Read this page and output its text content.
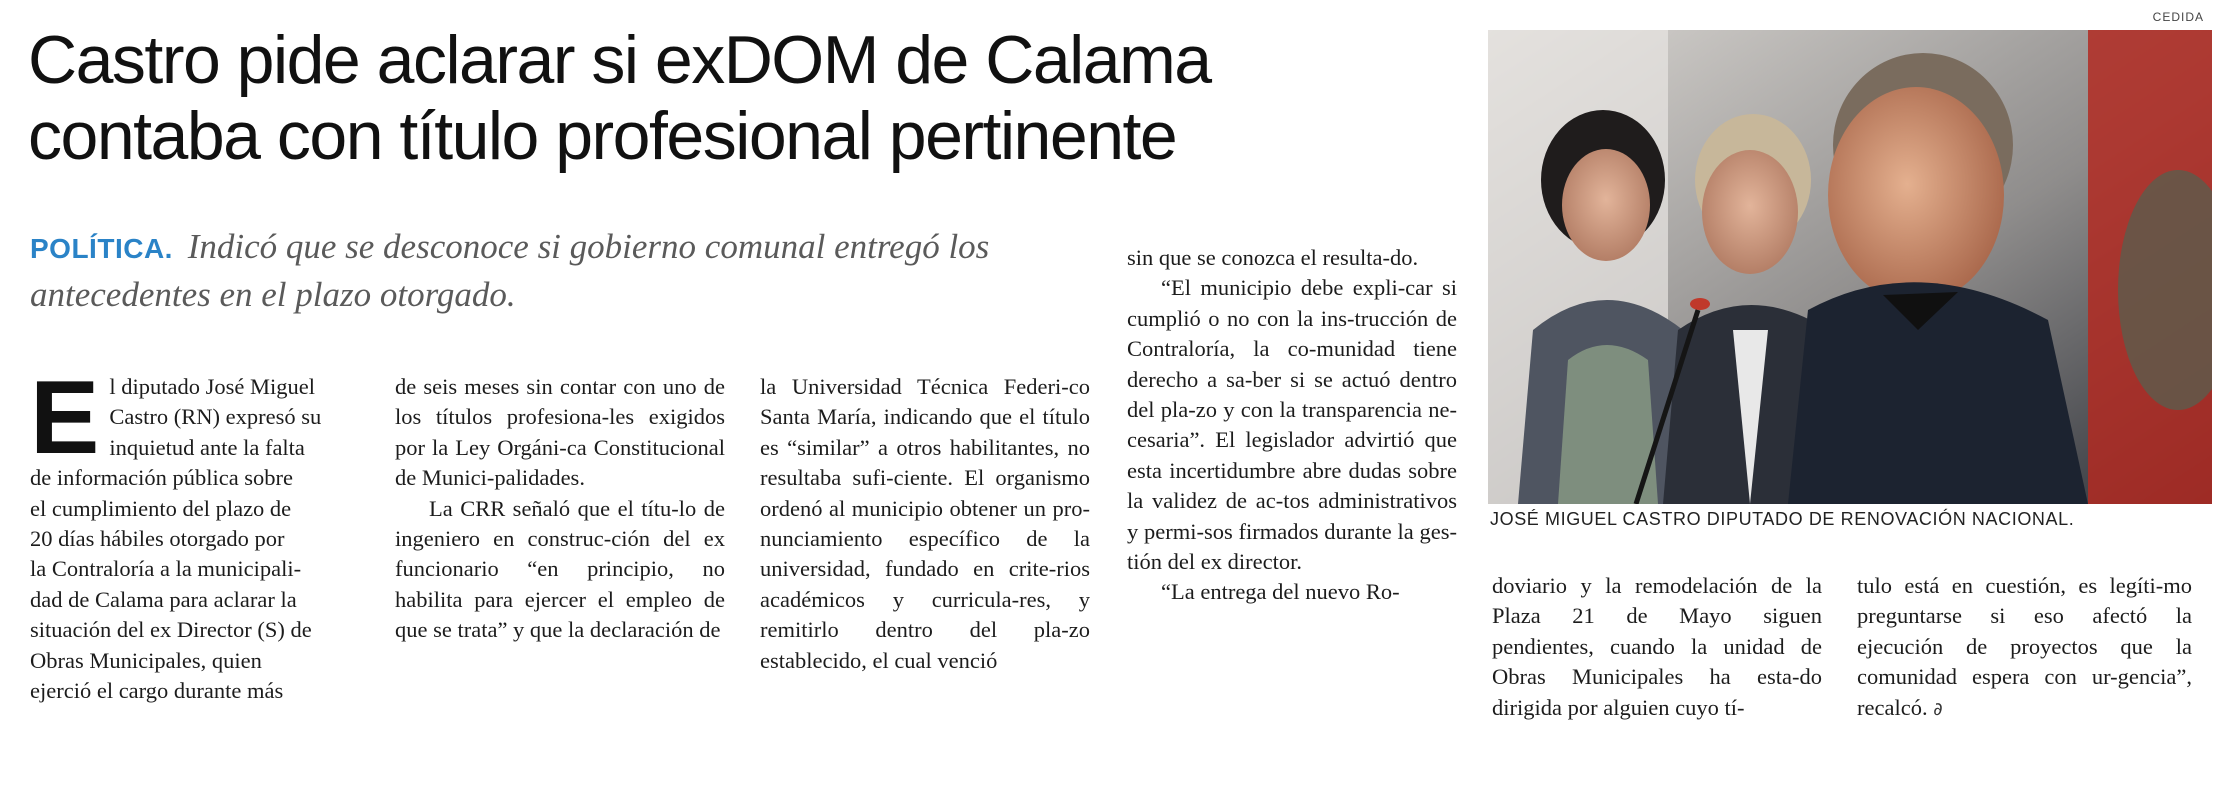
Castro pide aclarar si exDOM de Calama
contaba con título profesional pertinente
POLÍTICA. Indicó que se desconoce si gobierno comunal entregó los antecedentes en el plazo otorgado.
E l diputado José Miguel
Castro (RN) expresó su
inquietud ante la falta
de información pública sobre
el cumplimiento del plazo de
20 días hábiles otorgado por
la Contraloría a la municipali-
dad de Calama para aclarar la
situación del ex Director (S) de
Obras Municipales, quien
ejerció el cargo durante más

de seis meses sin contar con uno de los títulos profesiona-les exigidos por la Ley Orgáni-ca Constitucional de Munici-palidades.

La CRR señaló que el títu-lo de ingeniero en construc-ción del ex funcionario “en principio, no habilita para ejercer el empleo de que se trata” y que la declaración de

la Universidad Técnica Federi-co Santa María, indicando que el título es “similar” a otros habilitantes, no resultaba sufi-ciente. El organismo ordenó al municipio obtener un pro-nunciamiento específico de la universidad, fundado en crite-rios académicos y curricula-res, y remitirlo dentro del pla-zo establecido, el cual venció

sin que se conozca el resulta-do.

“El municipio debe expli-car si cumplió o no con la ins-trucción de Contraloría, la co-munidad tiene derecho a sa-ber si se actuó dentro del pla-zo y con la transparencia ne-cesaria”. El legislador advirtió que esta incertidumbre abre dudas sobre la validez de ac-tos administrativos y permi-sos firmados durante la ges-tión del ex director.

“La entrega del nuevo Ro-	doviario y la remodelación de la Plaza 21 de Mayo siguen pendientes, cuando la unidad de Obras Municipales ha esta-do dirigida por alguien cuyo tí-

tulo está en cuestión, es legíti-mo preguntarse si eso afectó la ejecución de proyectos que la comunidad espera con ur-gencia”, recalcó. ∂

CEDIDA
JOSÉ MIGUEL CASTRO DIPUTADO DE RENOVACIÓN NACIONAL.
